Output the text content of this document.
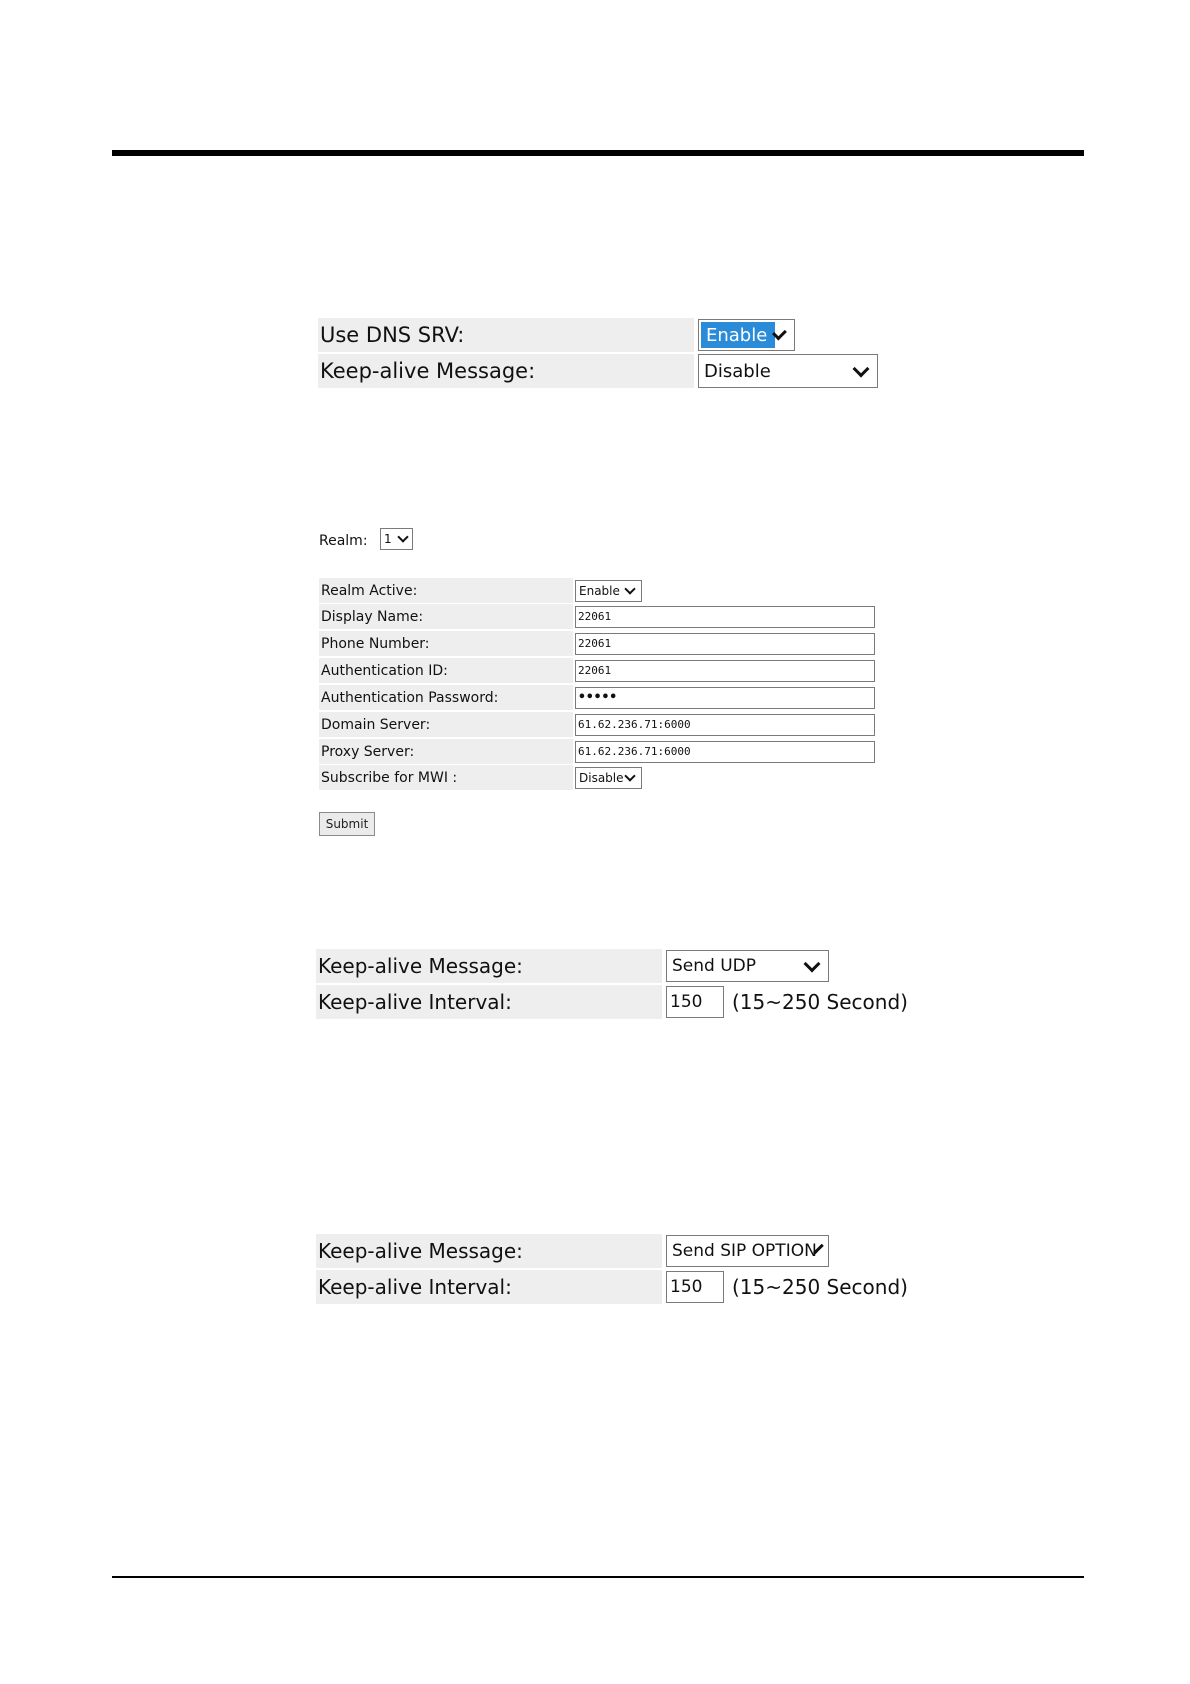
Use DNS SRV:	Enable
Keep-alive Message:	Disable
Realm: 1
Realm Active:	Enable
Display Name:	22061
Phone Number:	22061
Authentication ID:	22061
Authentication Password:	•••••
Domain Server:	61.62.236.71:6000
Proxy Server:	61.62.236.71:6000
Subscribe for MWI :	Disable
Submit
Keep-alive Message:	Send UDP
Keep-alive Interval:	150	(15~250 Second)
Keep-alive Message:	Send SIP OPTION
Keep-alive Interval:	150	(15~250 Second)
